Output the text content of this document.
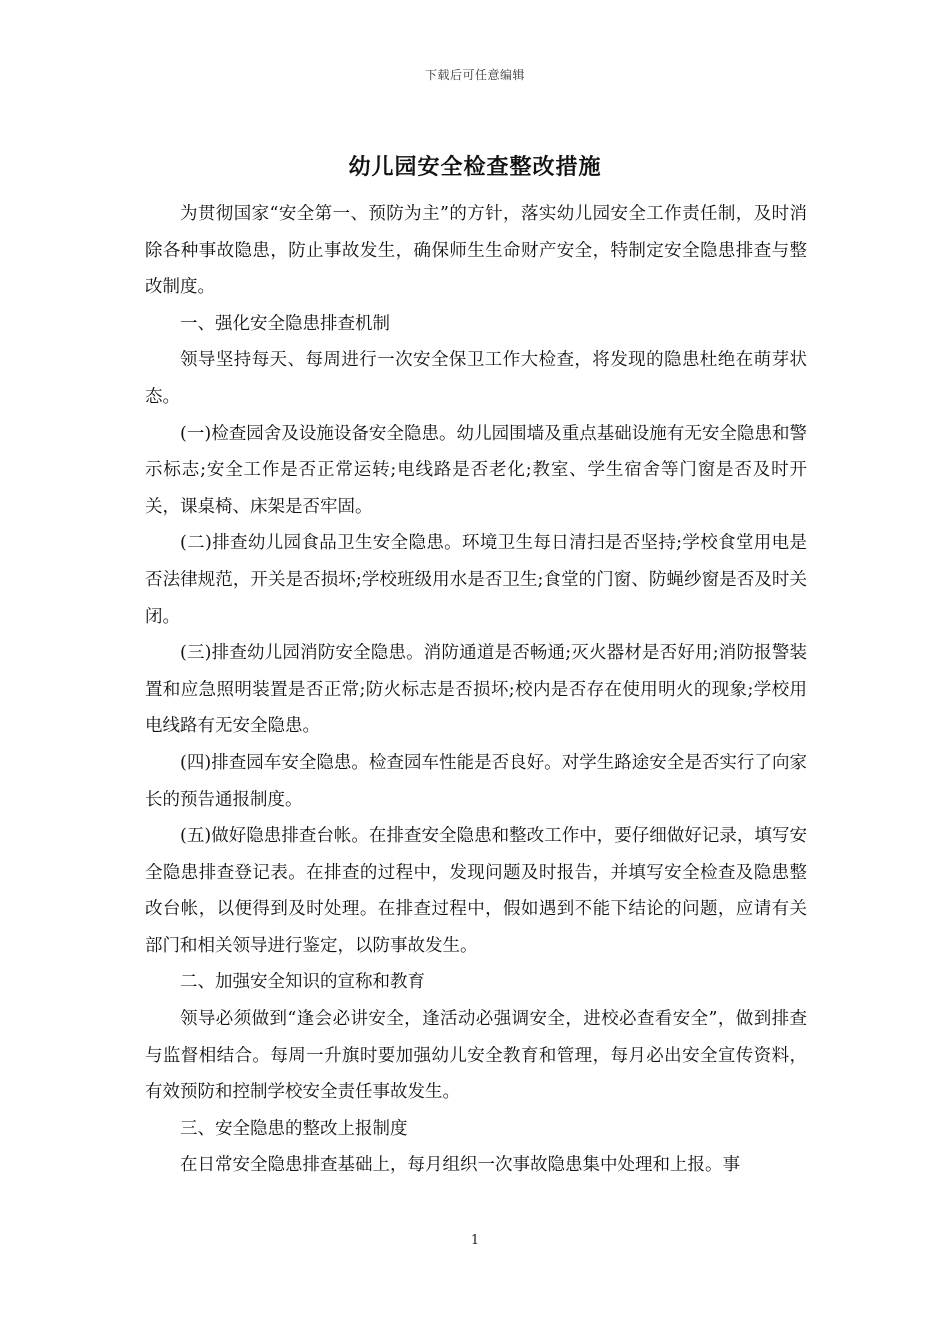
下载后可任意编辑
幼儿园安全检查整改措施

为贯彻国家“安全第一、预防为主”的方针，落实幼儿园安全工作责任制，及时消除各种事故隐患，防止事故发生，确保师生生命财产安全，特制定安全隐患排查与整改制度。

一、强化安全隐患排查机制

领导坚持每天、每周进行一次安全保卫工作大检查，将发现的隐患杜绝在萌芽状态。

(一)检查园舍及设施设备安全隐患。幼儿园围墙及重点基础设施有无安全隐患和警示标志;安全工作是否正常运转;电线路是否老化;教室、学生宿舍等门窗是否及时开关，课桌椅、床架是否牢固。

(二)排查幼儿园食品卫生安全隐患。环境卫生每日清扫是否坚持;学校食堂用电是否法律规范，开关是否损坏;学校班级用水是否卫生;食堂的门窗、防蝇纱窗是否及时关闭。

(三)排查幼儿园消防安全隐患。消防通道是否畅通;灭火器材是否好用;消防报警装置和应急照明装置是否正常;防火标志是否损坏;校内是否存在使用明火的现象;学校用电线路有无安全隐患。

(四)排查园车安全隐患。检查园车性能是否良好。对学生路途安全是否实行了向家长的预告通报制度。

(五)做好隐患排查台帐。在排查安全隐患和整改工作中，要仔细做好记录，填写安全隐患排查登记表。在排查的过程中，发现问题及时报告，并填写安全检查及隐患整改台帐，以便得到及时处理。在排查过程中，假如遇到不能下结论的问题，应请有关部门和相关领导进行鉴定，以防事故发生。

二、加强安全知识的宣称和教育

领导必须做到“逢会必讲安全，逢活动必强调安全，进校必查看安全”，做到排查与监督相结合。每周一升旗时要加强幼儿安全教育和管理，每月必出安全宣传资料，有效预防和控制学校安全责任事故发生。

三、安全隐患的整改上报制度

在日常安全隐患排查基础上，每月组织一次事故隐患集中处理和上报。事

1
